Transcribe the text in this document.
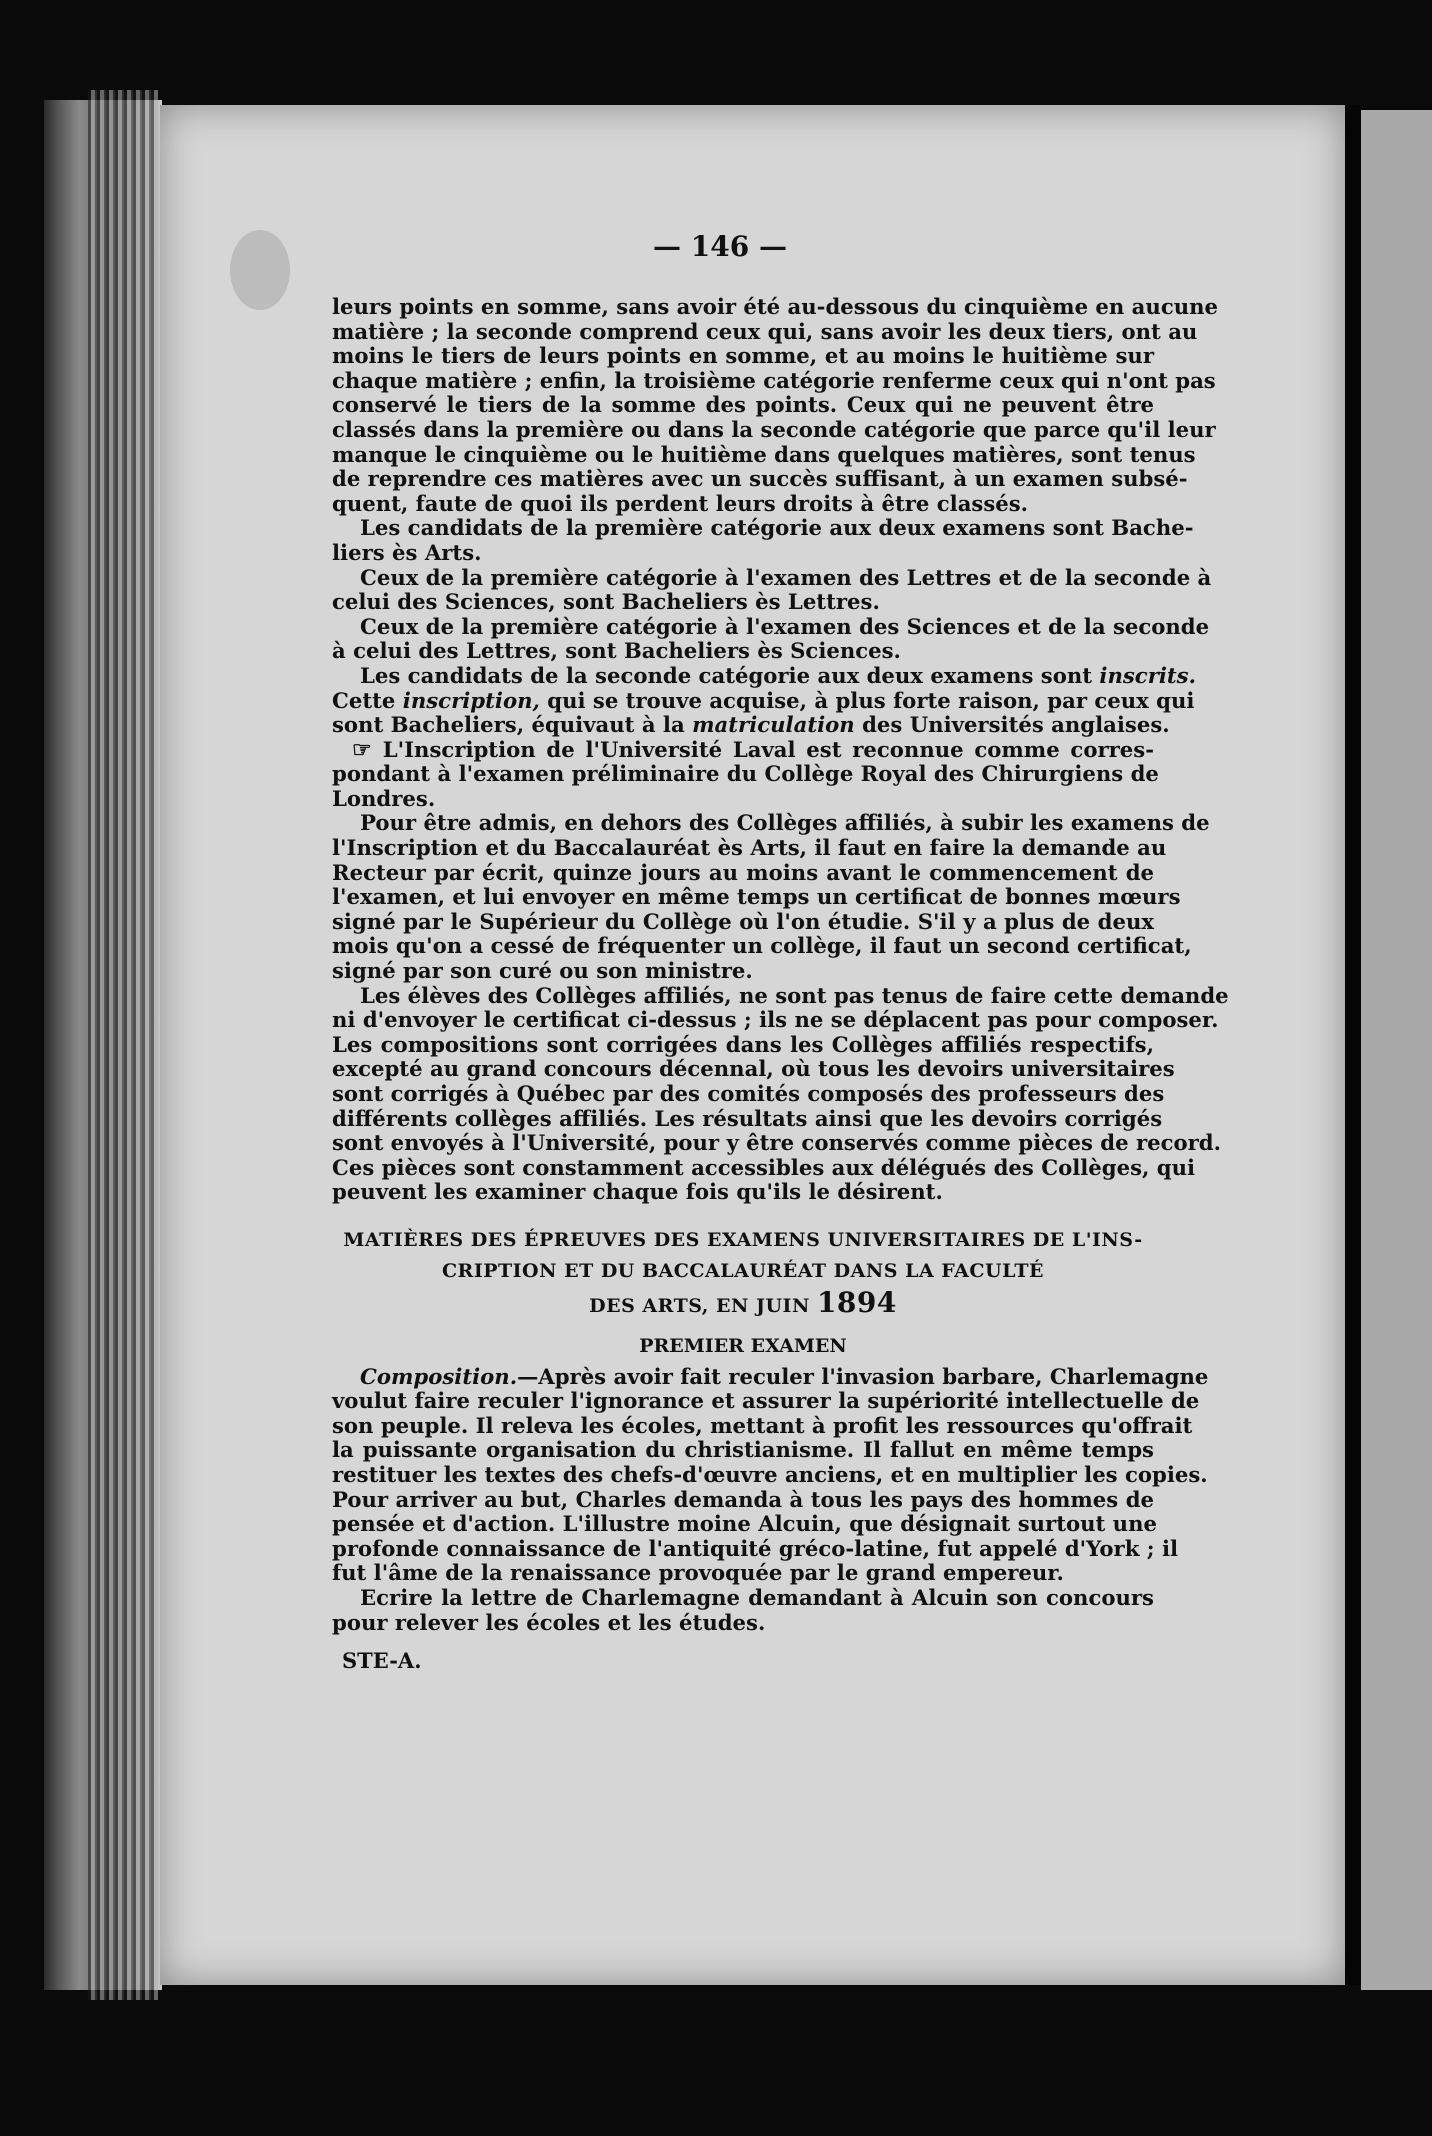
— 146 —
leurs points en somme, sans avoir été au-dessous du cinquième en aucune
matière ; la seconde comprend ceux qui, sans avoir les deux tiers, ont au
moins le tiers de leurs points en somme, et au moins le huitième sur
chaque matière ; enfin, la troisième catégorie renferme ceux qui n'ont pas
conservé le tiers de la somme des points. Ceux qui ne peuvent être
classés dans la première ou dans la seconde catégorie que parce qu'il leur
manque le cinquième ou le huitième dans quelques matières, sont tenus
de reprendre ces matières avec un succès suffisant, à un examen subsé-
quent, faute de quoi ils perdent leurs droits à être classés.
Les candidats de la première catégorie aux deux examens sont Bache-
liers ès Arts.
Ceux de la première catégorie à l'examen des Lettres et de la seconde à
celui des Sciences, sont Bacheliers ès Lettres.
Ceux de la première catégorie à l'examen des Sciences et de la seconde
à celui des Lettres, sont Bacheliers ès Sciences.
Les candidats de la seconde catégorie aux deux examens sont inscrits.
Cette inscription, qui se trouve acquise, à plus forte raison, par ceux qui
sont Bacheliers, équivaut à la matriculation des Universités anglaises.
☞ L'Inscription de l'Université Laval est reconnue comme corres-
pondant à l'examen préliminaire du Collège Royal des Chirurgiens de
Londres.
Pour être admis, en dehors des Collèges affiliés, à subir les examens de
l'Inscription et du Baccalauréat ès Arts, il faut en faire la demande au
Recteur par écrit, quinze jours au moins avant le commencement de
l'examen, et lui envoyer en même temps un certificat de bonnes mœurs
signé par le Supérieur du Collège où l'on étudie. S'il y a plus de deux
mois qu'on a cessé de fréquenter un collège, il faut un second certificat,
signé par son curé ou son ministre.
Les élèves des Collèges affiliés, ne sont pas tenus de faire cette demande
ni d'envoyer le certificat ci-dessus ; ils ne se déplacent pas pour composer.
Les compositions sont corrigées dans les Collèges affiliés respectifs,
excepté au grand concours décennal, où tous les devoirs universitaires
sont corrigés à Québec par des comités composés des professeurs des
différents collèges affiliés. Les résultats ainsi que les devoirs corrigés
sont envoyés à l'Université, pour y être conservés comme pièces de record.
Ces pièces sont constamment accessibles aux délégués des Collèges, qui
peuvent les examiner chaque fois qu'ils le désirent.
MATIÈRES DES ÉPREUVES DES EXAMENS UNIVERSITAIRES DE L'INS-
CRIPTION ET DU BACCALAURÉAT DANS LA FACULTÉ
DES ARTS, EN JUIN 1894
PREMIER EXAMEN
Composition.—Après avoir fait reculer l'invasion barbare, Charlemagne
voulut faire reculer l'ignorance et assurer la supériorité intellectuelle de
son peuple. Il releva les écoles, mettant à profit les ressources qu'offrait
la puissante organisation du christianisme. Il fallut en même temps
restituer les textes des chefs-d'œuvre anciens, et en multiplier les copies.
Pour arriver au but, Charles demanda à tous les pays des hommes de
pensée et d'action. L'illustre moine Alcuin, que désignait surtout une
profonde connaissance de l'antiquité gréco-latine, fut appelé d'York ; il
fut l'âme de la renaissance provoquée par le grand empereur.
Ecrire la lettre de Charlemagne demandant à Alcuin son concours
pour relever les écoles et les études.
STE-A.
